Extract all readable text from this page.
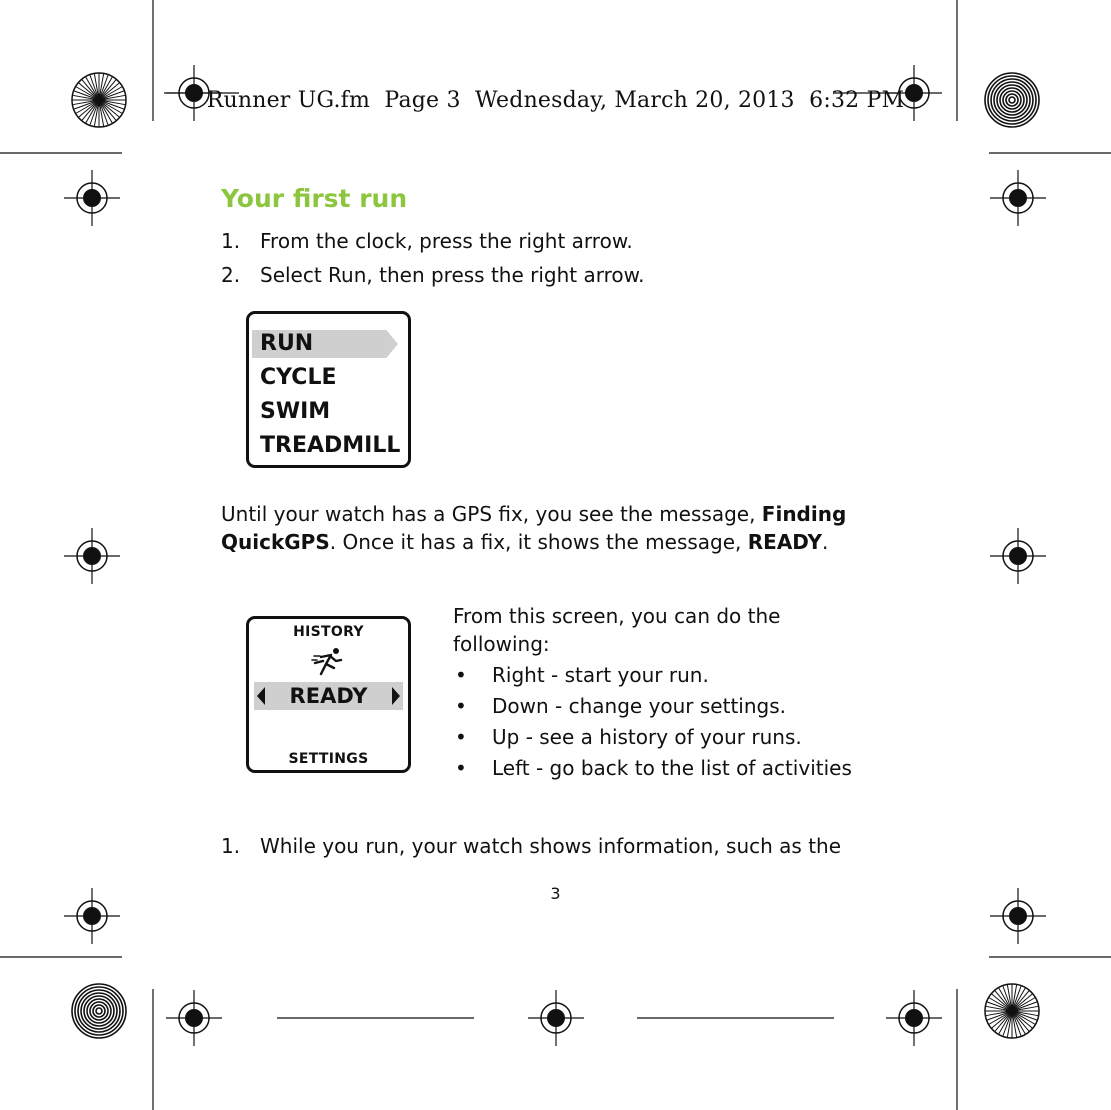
Runner UG.fm  Page 3  Wednesday, March 20, 2013  6:32 PM
Your first run
1. From the clock, press the right arrow.
2. Select Run, then press the right arrow.
RUN
CYCLE
SWIM
TREADMILL

Until your watch has a GPS fix, you see the message, Finding QuickGPS. Once it has a fix, it shows the message, READY.

HISTORY
READY
SETTINGS

From this screen, you can do the following:

• Right - start your run.
• Down - change your settings.
• Up - see a history of your runs.
• Left - go back to the list of activities
1. While you run, your watch shows information, such as the
3
